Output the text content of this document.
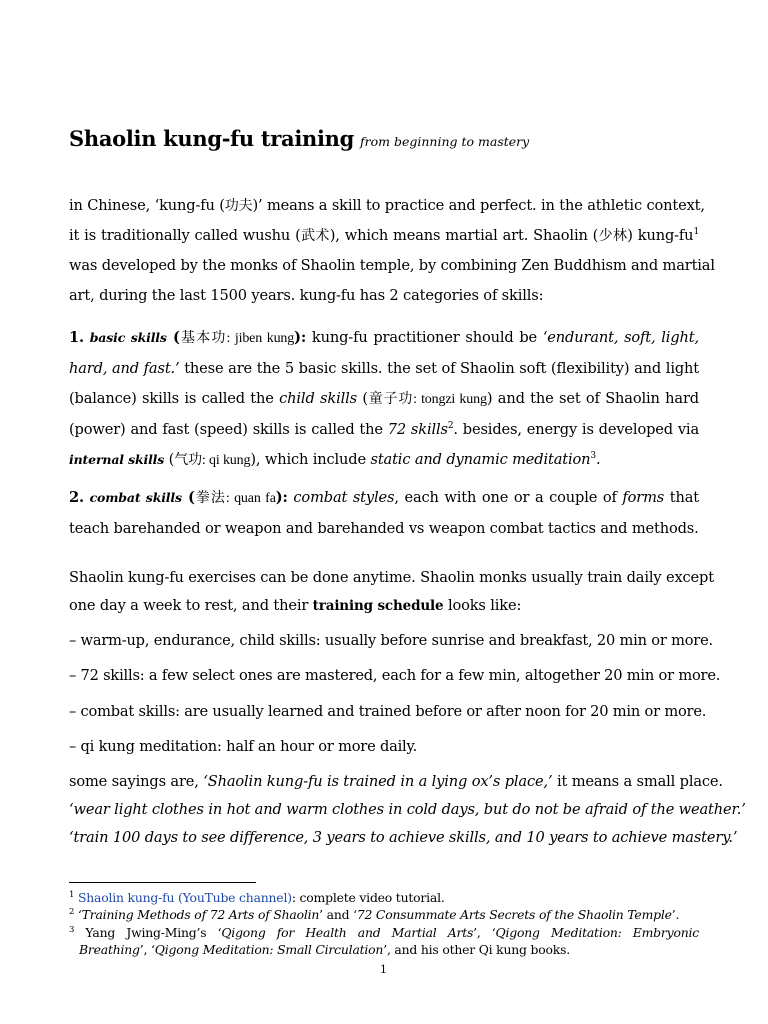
Shaolin kung-fu training from beginning to mastery
in Chinese, ‘kung-fu (功夫)’ means a skill to practice and perfect. in the athletic context,
it is traditionally called wushu (武术), which means martial art. Shaolin (少林) kung-$fu^1$
was developed by the monks of Shaolin temple, by combining Zen Buddhism and martial
art, during the last 1500 years. kung-fu has 2 categories of skills:
1. basic skills (基本功: jiben kung): kung-fu practitioner should be ‘endurant, soft, light,
hard, and fast.’ these are the 5 basic skills. the set of Shaolin soft (flexibility) and light
(balance) skills is called the child skills (童子功: tongzi kung) and the set of Shaolin hard
(power) and fast (speed) skills is called the 72 skills$^2$. besides, energy is developed via
internal skills (气功: qi kung), which include static and dynamic meditation$^3$.
2. combat skills (拳法: quan fa): combat styles, each with one or a couple of forms that
teach barehanded or weapon and barehanded vs weapon combat tactics and methods.
Shaolin kung-fu exercises can be done anytime. Shaolin monks usually train daily except
one day a week to rest, and their training schedule looks like:
– warm-up, endurance, child skills: usually before sunrise and breakfast, 20 min or more.
– 72 skills: a few select ones are mastered, each for a few min, altogether 20 min or more.
– combat skills: are usually learned and trained before or after noon for 20 min or more.
– qi kung meditation: half an hour or more daily.
some sayings are, ‘Shaolin kung-fu is trained in a lying ox’s place,’ it means a small place.
‘wear light clothes in hot and warm clothes in cold days, but do not be afraid of the weather.’
‘train 100 days to see difference, 3 years to achieve skills, and 10 years to achieve mastery.’
$^1$ Shaolin kung-fu (YouTube channel): complete video tutorial.
$^2$ ‘Training Methods of 72 Arts of Shaolin’ and ‘72 Consummate Arts Secrets of the Shaolin Temple’.
$^3$ Yang Jwing-Ming’s ‘Qigong for Health and Martial Arts’, ‘Qigong Meditation: Embryonic
Breathing’, ‘Qigong Meditation: Small Circulation’, and his other Qi kung books.
1
